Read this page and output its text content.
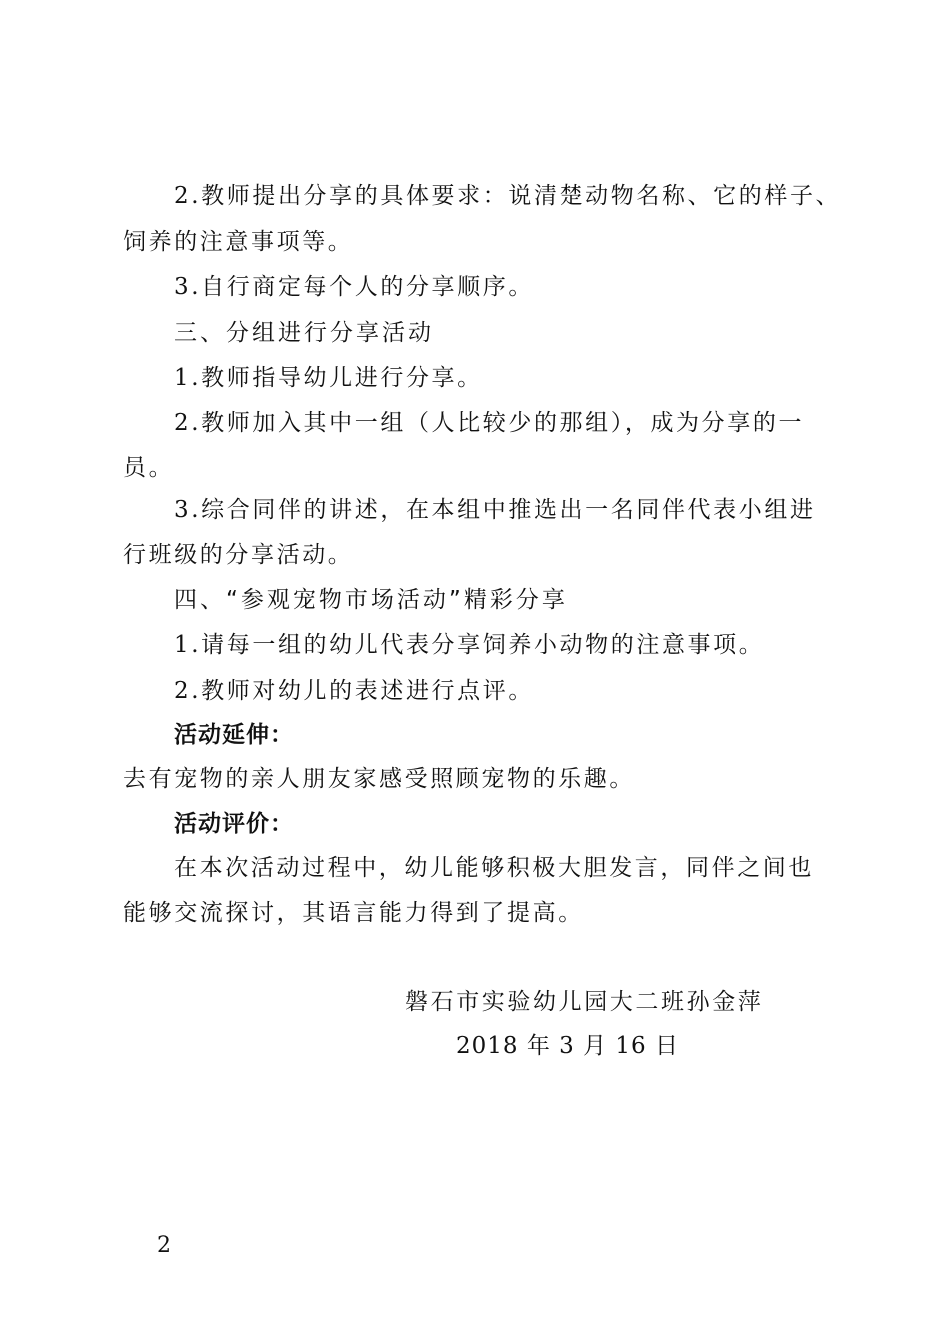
2.教师提出分享的具体要求：说清楚动物名称、它的样子、
饲养的注意事项等。
3.自行商定每个人的分享顺序。
三、分组进行分享活动
1.教师指导幼儿进行分享。
2.教师加入其中一组（人比较少的那组），成为分享的一
员。
3.综合同伴的讲述，在本组中推选出一名同伴代表小组进
行班级的分享活动。
四、“参观宠物市场活动”精彩分享
1.请每一组的幼儿代表分享饲养小动物的注意事项。
2.教师对幼儿的表述进行点评。
活动延伸：
去有宠物的亲人朋友家感受照顾宠物的乐趣。
活动评价：
在本次活动过程中，幼儿能够积极大胆发言，同伴之间也
能够交流探讨，其语言能力得到了提高。
磐石市实验幼儿园大二班孙金萍
2018 年 3 月 16 日
2
